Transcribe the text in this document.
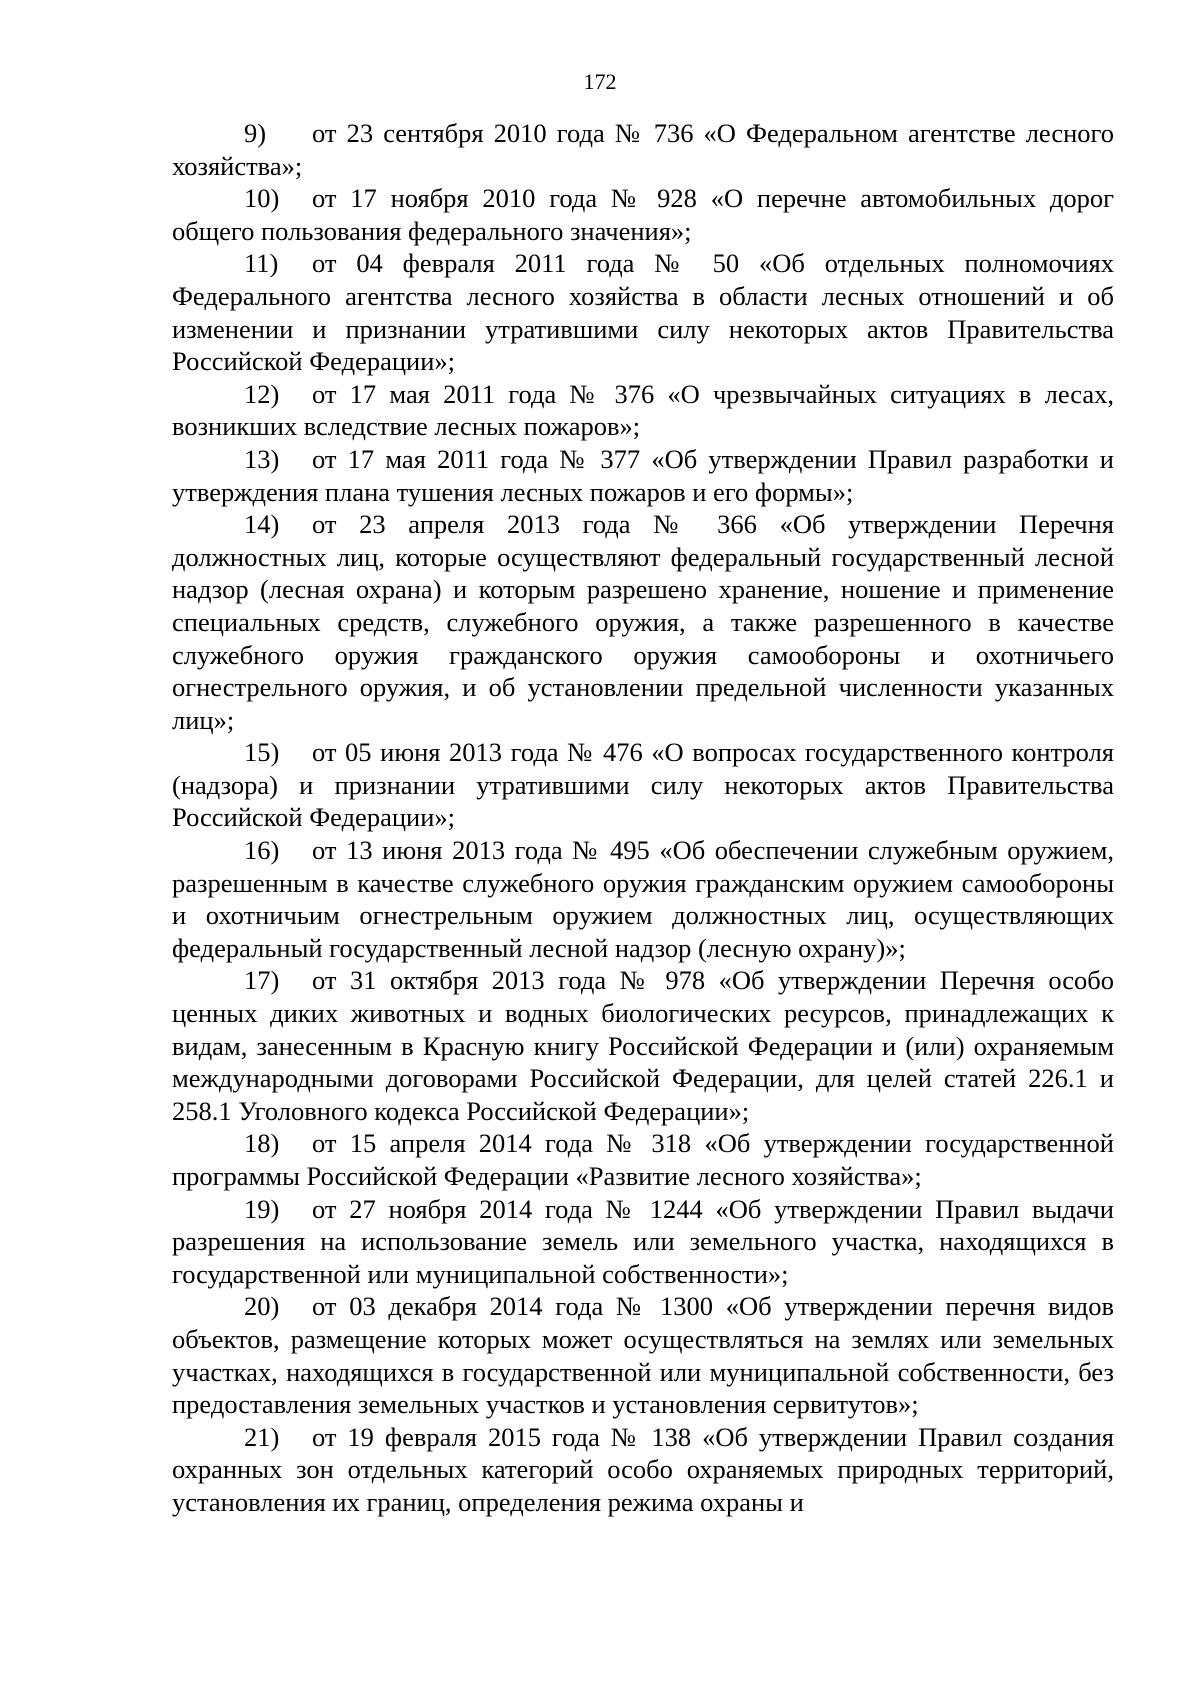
172

9) от 23 сентября 2010 года № 736 «О Федеральном агентстве лесного хозяйства»;

10) от 17 ноября 2010 года № 928 «О перечне автомобильных дорог общего пользования федерального значения»;

11) от 04 февраля 2011 года № 50 «Об отдельных полномочиях Федерального агентства лесного хозяйства в области лесных отношений и об изменении и признании утратившими силу некоторых актов Правительства Российской Федерации»;

12) от 17 мая 2011 года № 376 «О чрезвычайных ситуациях в лесах, возникших вследствие лесных пожаров»;

13) от 17 мая 2011 года № 377 «Об утверждении Правил разработки и утверждения плана тушения лесных пожаров и его формы»;

14) от 23 апреля 2013 года № 366 «Об утверждении Перечня должностных лиц, которые осуществляют федеральный государственный лесной надзор (лесная охрана) и которым разрешено хранение, ношение и применение специальных средств, служебного оружия, а также разрешенного в качестве служебного оружия гражданского оружия самообороны и охотничьего огнестрельного оружия, и об установлении предельной численности указанных лиц»;

15) от 05 июня 2013 года № 476 «О вопросах государственного контроля (надзора) и признании утратившими силу некоторых актов Правительства Российской Федерации»;

16) от 13 июня 2013 года № 495 «Об обеспечении служебным оружием, разрешенным в качестве служебного оружия гражданским оружием самообороны и охотничьим огнестрельным оружием должностных лиц, осуществляющих федеральный государственный лесной надзор (лесную охрану)»;

17) от 31 октября 2013 года № 978 «Об утверждении Перечня особо ценных диких животных и водных биологических ресурсов, принадлежащих к видам, занесенным в Красную книгу Российской Федерации и (или) охраняемым международными договорами Российской Федерации, для целей статей 226.1 и 258.1 Уголовного кодекса Российской Федерации»;

18) от 15 апреля 2014 года № 318 «Об утверждении государственной программы Российской Федерации «Развитие лесного хозяйства»;

19) от 27 ноября 2014 года № 1244 «Об утверждении Правил выдачи разрешения на использование земель или земельного участка, находящихся в государственной или муниципальной собственности»;

20) от 03 декабря 2014 года № 1300 «Об утверждении перечня видов объектов, размещение которых может осуществляться на землях или земельных участках, находящихся в государственной или муниципальной собственности, без предоставления земельных участков и установления сервитутов»;

21) от 19 февраля 2015 года № 138 «Об утверждении Правил создания охранных зон отдельных категорий особо охраняемых природных территорий, установления их границ, определения режима охраны и
